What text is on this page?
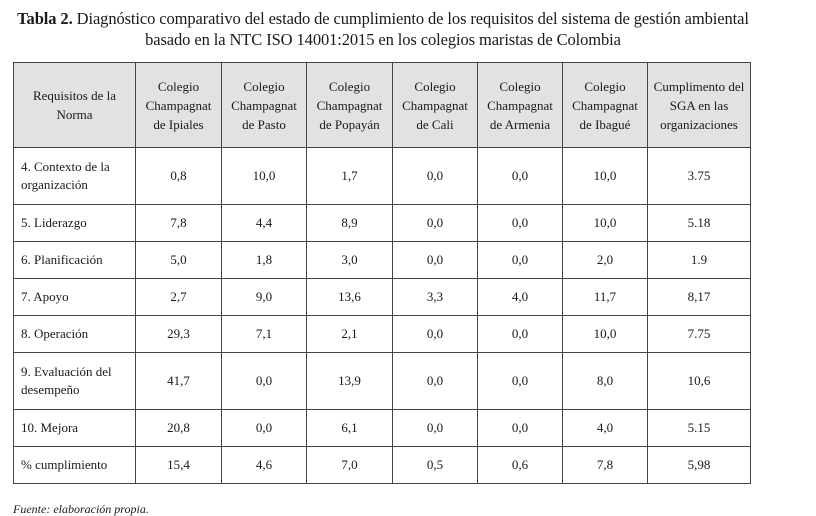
Tabla 2. Diagnóstico comparativo del estado de cumplimiento de los requisitos del sistema de gestión ambiental basado en la NTC ISO 14001:2015 en los colegios maristas de Colombia
Requisitos de la Norma	Colegio Champagnat de Ipiales	Colegio Champagnat de Pasto	Colegio Champagnat de Popayán	Colegio Champagnat de Cali	Colegio Champagnat de Armenia	Colegio Champagnat de Ibagué	Cumplimento del SGA en las organizaciones
4. Contexto de la organización	0,8	10,0	1,7	0,0	0,0	10,0	3.75
5. Liderazgo	7,8	4,4	8,9	0,0	0,0	10,0	5.18
6. Planificación	5,0	1,8	3,0	0,0	0,0	2,0	1.9
7. Apoyo	2,7	9,0	13,6	3,3	4,0	11,7	8,17
8. Operación	29,3	7,1	2,1	0,0	0,0	10,0	7.75
9. Evaluación del desempeño	41,7	0,0	13,9	0,0	0,0	8,0	10,6
10. Mejora	20,8	0,0	6,1	0,0	0,0	4,0	5.15
% cumplimiento	15,4	4,6	7,0	0,5	0,6	7,8	5,98
Fuente: elaboración propia.
